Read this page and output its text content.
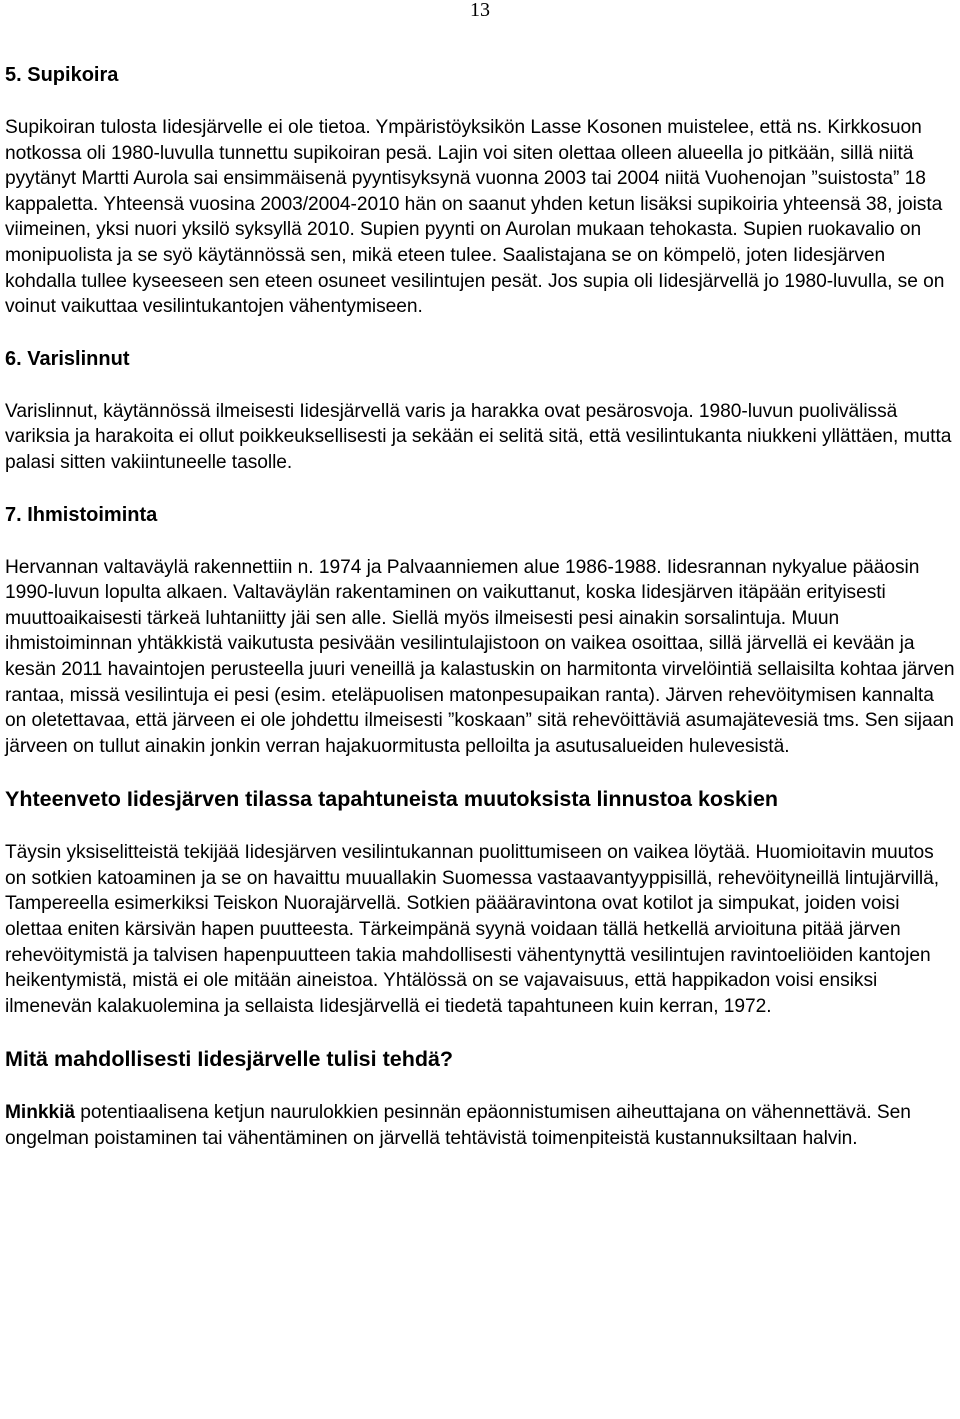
13
5. Supikoira

Supikoiran tulosta Iidesjärvelle ei ole tietoa. Ympäristöyksikön Lasse Kosonen muistelee, että ns. Kirkkosuon notkossa oli 1980-luvulla tunnettu supikoiran pesä. Lajin voi siten olettaa olleen alueella jo pitkään, sillä niitä pyytänyt Martti Aurola sai ensimmäisenä pyyntisyksynä vuonna 2003 tai 2004 niitä Vuohenojan ”suistosta” 18 kappaletta. Yhteensä vuosina 2003/2004-2010 hän on saanut yhden ketun lisäksi supikoiria yhteensä 38, joista viimeinen, yksi nuori yksilö syksyllä 2010. Supien pyynti on Aurolan mukaan tehokasta. Supien ruokavalio on monipuolista ja se syö käytännössä sen, mikä eteen tulee. Saalistajana se on kömpelö, joten Iidesjärven kohdalla tullee kyseeseen sen eteen osuneet vesilintujen pesät. Jos supia oli Iidesjärvellä jo 1980-luvulla, se on voinut vaikuttaa vesilintukantojen vähentymiseen.

6. Varislinnut

Varislinnut, käytännössä ilmeisesti Iidesjärvellä varis ja harakka ovat pesärosvoja. 1980-luvun puolivälissä variksia ja harakoita ei ollut poikkeuksellisesti ja sekään ei selitä sitä, että vesilintukanta niukkeni yllättäen, mutta palasi sitten vakiintuneelle tasolle.

7. Ihmistoiminta

Hervannan valtaväylä rakennettiin n. 1974 ja Palvaanniemen alue 1986-1988. Iidesrannan nykyalue pääosin 1990-luvun lopulta alkaen. Valtaväylän rakentaminen on vaikuttanut, koska Iidesjärven itäpään erityisesti muuttoaikaisesti tärkeä luhtaniitty jäi sen alle. Siellä myös ilmeisesti pesi ainakin sorsalintuja. Muun ihmistoiminnan yhtäkkistä vaikutusta pesivään vesilintulajistoon on vaikea osoittaa, sillä järvellä ei kevään ja kesän 2011 havaintojen perusteella juuri veneillä ja kalastuskin on harmitonta virvelöintiä sellaisilta kohtaa järven rantaa, missä vesilintuja ei pesi (esim. eteläpuolisen matonpesupaikan ranta). Järven rehevöitymisen kannalta on oletettavaa, että järveen ei ole johdettu ilmeisesti ”koskaan” sitä rehevöittäviä asumajätevesiä tms. Sen sijaan järveen on tullut ainakin jonkin verran hajakuormitusta pelloilta ja asutusalueiden hulevesistä.

Yhteenveto Iidesjärven tilassa tapahtuneista muutoksista linnustoa koskien

Täysin yksiselitteistä tekijää Iidesjärven vesilintukannan puolittumiseen on vaikea löytää. Huomioitavin muutos on sotkien katoaminen ja se on havaittu muuallakin Suomessa vastaavantyyppisillä, rehevöityneillä lintujärvillä, Tampereella esimerkiksi Teiskon Nuorajärvellä. Sotkien päääravintona ovat kotilot ja simpukat, joiden voisi olettaa eniten kärsivän hapen puutteesta. Tärkeimpänä syynä voidaan tällä hetkellä arvioituna pitää järven rehevöitymistä ja talvisen hapenpuutteen takia mahdollisesti vähentynyttä vesilintujen ravintoeliöiden kantojen heikentymistä, mistä ei ole mitään aineistoa. Yhtälössä on se vajavaisuus, että happikadon voisi ensiksi ilmenevän kalakuolemina ja sellaista Iidesjärvellä ei tiedetä tapahtuneen kuin kerran, 1972.

Mitä mahdollisesti Iidesjärvelle tulisi tehdä?

Minkkiä potentiaalisena ketjun naurulokkien pesinnän epäonnistumisen aiheuttajana on vähennettävä. Sen ongelman poistaminen tai vähentäminen on järvellä tehtävistä toimenpiteistä kustannuksiltaan halvin.
